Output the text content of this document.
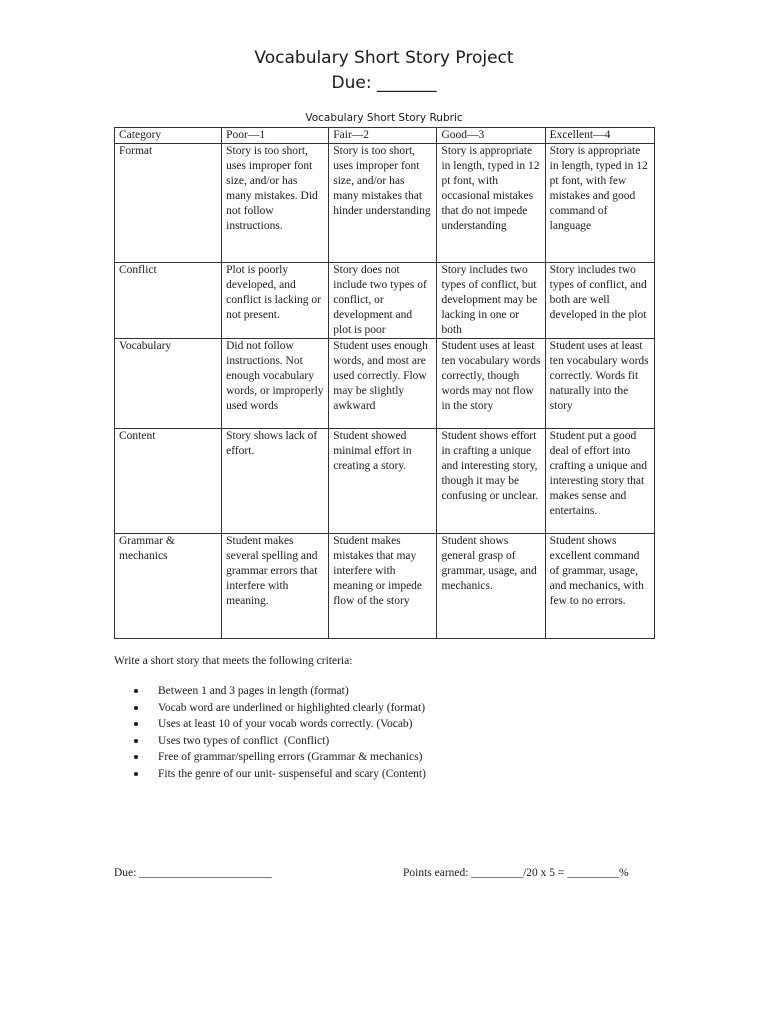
Vocabulary Short Story Project
Due: _______
Vocabulary Short Story Rubric
Category	Poor—1	Fair—2	Good—3	Excellent—4
Format	Story is too short, uses improper font size, and/or has many mistakes. Did not follow instructions.	Story is too short, uses improper font size, and/or has many mistakes that hinder understanding	Story is appropriate in length, typed in 12 pt font, with occasional mistakes that do not impede understanding	Story is appropriate in length, typed in 12 pt font, with few mistakes and good command of language
Conflict	Plot is poorly developed, and conflict is lacking or not present.	Story does not include two types of conflict, or development and plot is poor	Story includes two types of conflict, but development may be lacking in one or both	Story includes two types of conflict, and both are well developed in the plot
Vocabulary	Did not follow instructions. Not enough vocabulary words, or improperly used words	Student uses enough words, and most are used correctly. Flow may be slightly awkward	Student uses at least ten vocabulary words correctly, though words may not flow in the story	Student uses at least ten vocabulary words correctly. Words fit naturally into the story
Content	Story shows lack of effort.	Student showed minimal effort in creating a story.	Student shows effort in crafting a unique and interesting story, though it may be confusing or unclear.	Student put a good deal of effort into crafting a unique and interesting story that makes sense and entertains.
Grammar & mechanics	Student makes several spelling and grammar errors that interfere with meaning.	Student makes mistakes that may interfere with meaning or impede flow of the story	Student shows general grasp of grammar, usage, and mechanics.	Student shows excellent command of grammar, usage, and mechanics, with few to no errors.
Write a short story that meets the following criteria:
Between 1 and 3 pages in length (format)
Vocab word are underlined or highlighted clearly (format)
Uses at least 10 of your vocab words correctly. (Vocab)
Uses two types of conflict  (Conflict)
Free of grammar/spelling errors (Grammar & mechanics)
Fits the genre of our unit- suspenseful and scary (Content)
Due: _______________________	Points earned: _________/20 x 5 = _________%
